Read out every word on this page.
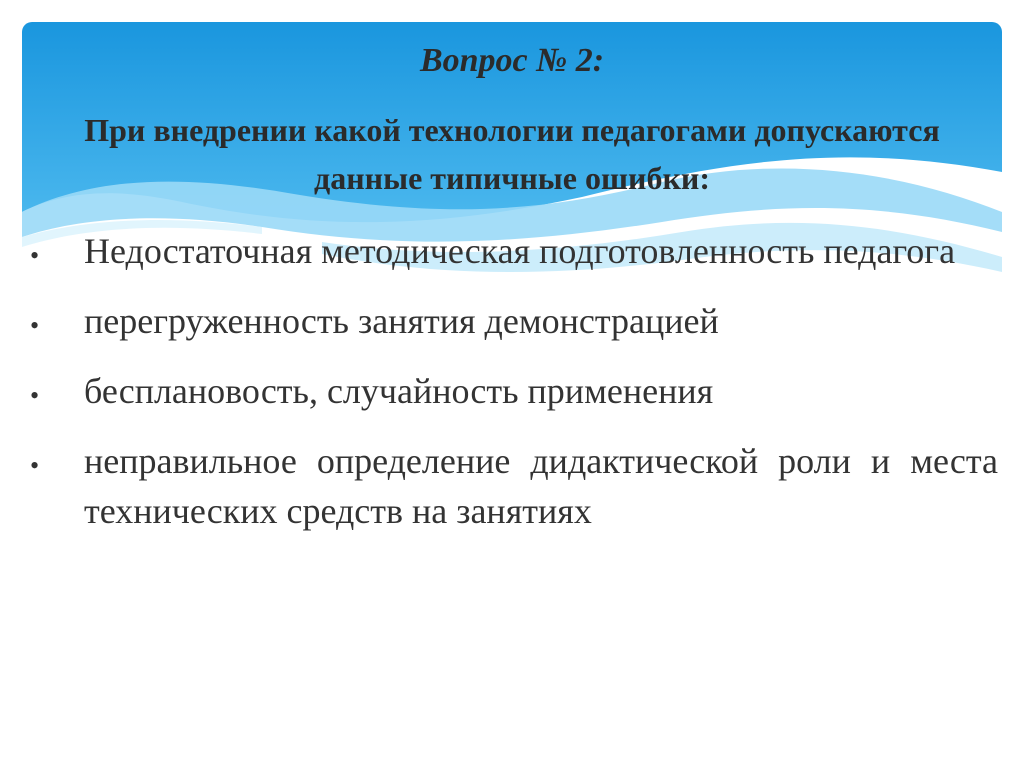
Вопрос № 2:
При внедрении какой технологии педагогами допускаются данные типичные ошибки:
•	Недостаточная методическая подготовленность педагога
•	перегруженность занятия демонстрацией
•	бесплановость, случайность применения
•	неправильное определение дидактической роли и места технических средств на занятиях
